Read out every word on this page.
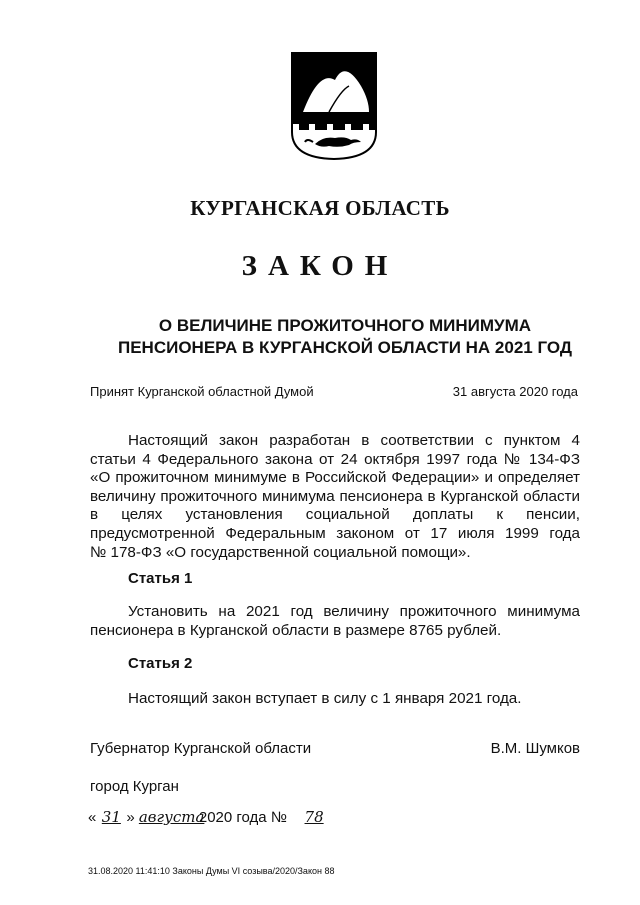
КУРГАНСКАЯ ОБЛАСТЬ
ЗАКОН
О ВЕЛИЧИНЕ ПРОЖИТОЧНОГО МИНИМУМА
ПЕНСИОНЕРА В КУРГАНСКОЙ ОБЛАСТИ НА 2021 ГОД
Принят Курганской областной Думой	31 августа 2020 года
Настоящий закон разработан в соответствии с пунктом 4
статьи 4 Федерального закона от 24 октября 1997 года № 134-ФЗ
«О прожиточном минимуме в Российской Федерации» и определяет
величину прожиточного минимума пенсионера в Курганской области
в целях установления социальной доплаты к пенсии,
предусмотренной Федеральным законом от 17 июля 1999 года
№ 178-ФЗ «О государственной социальной помощи».
Статья 1
Установить на 2021 год величину прожиточного минимума
пенсионера в Курганской области в размере 8765 рублей.
Статья 2
Настоящий закон вступает в силу с 1 января 2021 года.
Губернатор Курганской области	В.М. Шумков
город Курган
« 31 » августа2020 года № 78
31.08.2020 11:41:10 Законы Думы VI созыва/2020/Закон 88
